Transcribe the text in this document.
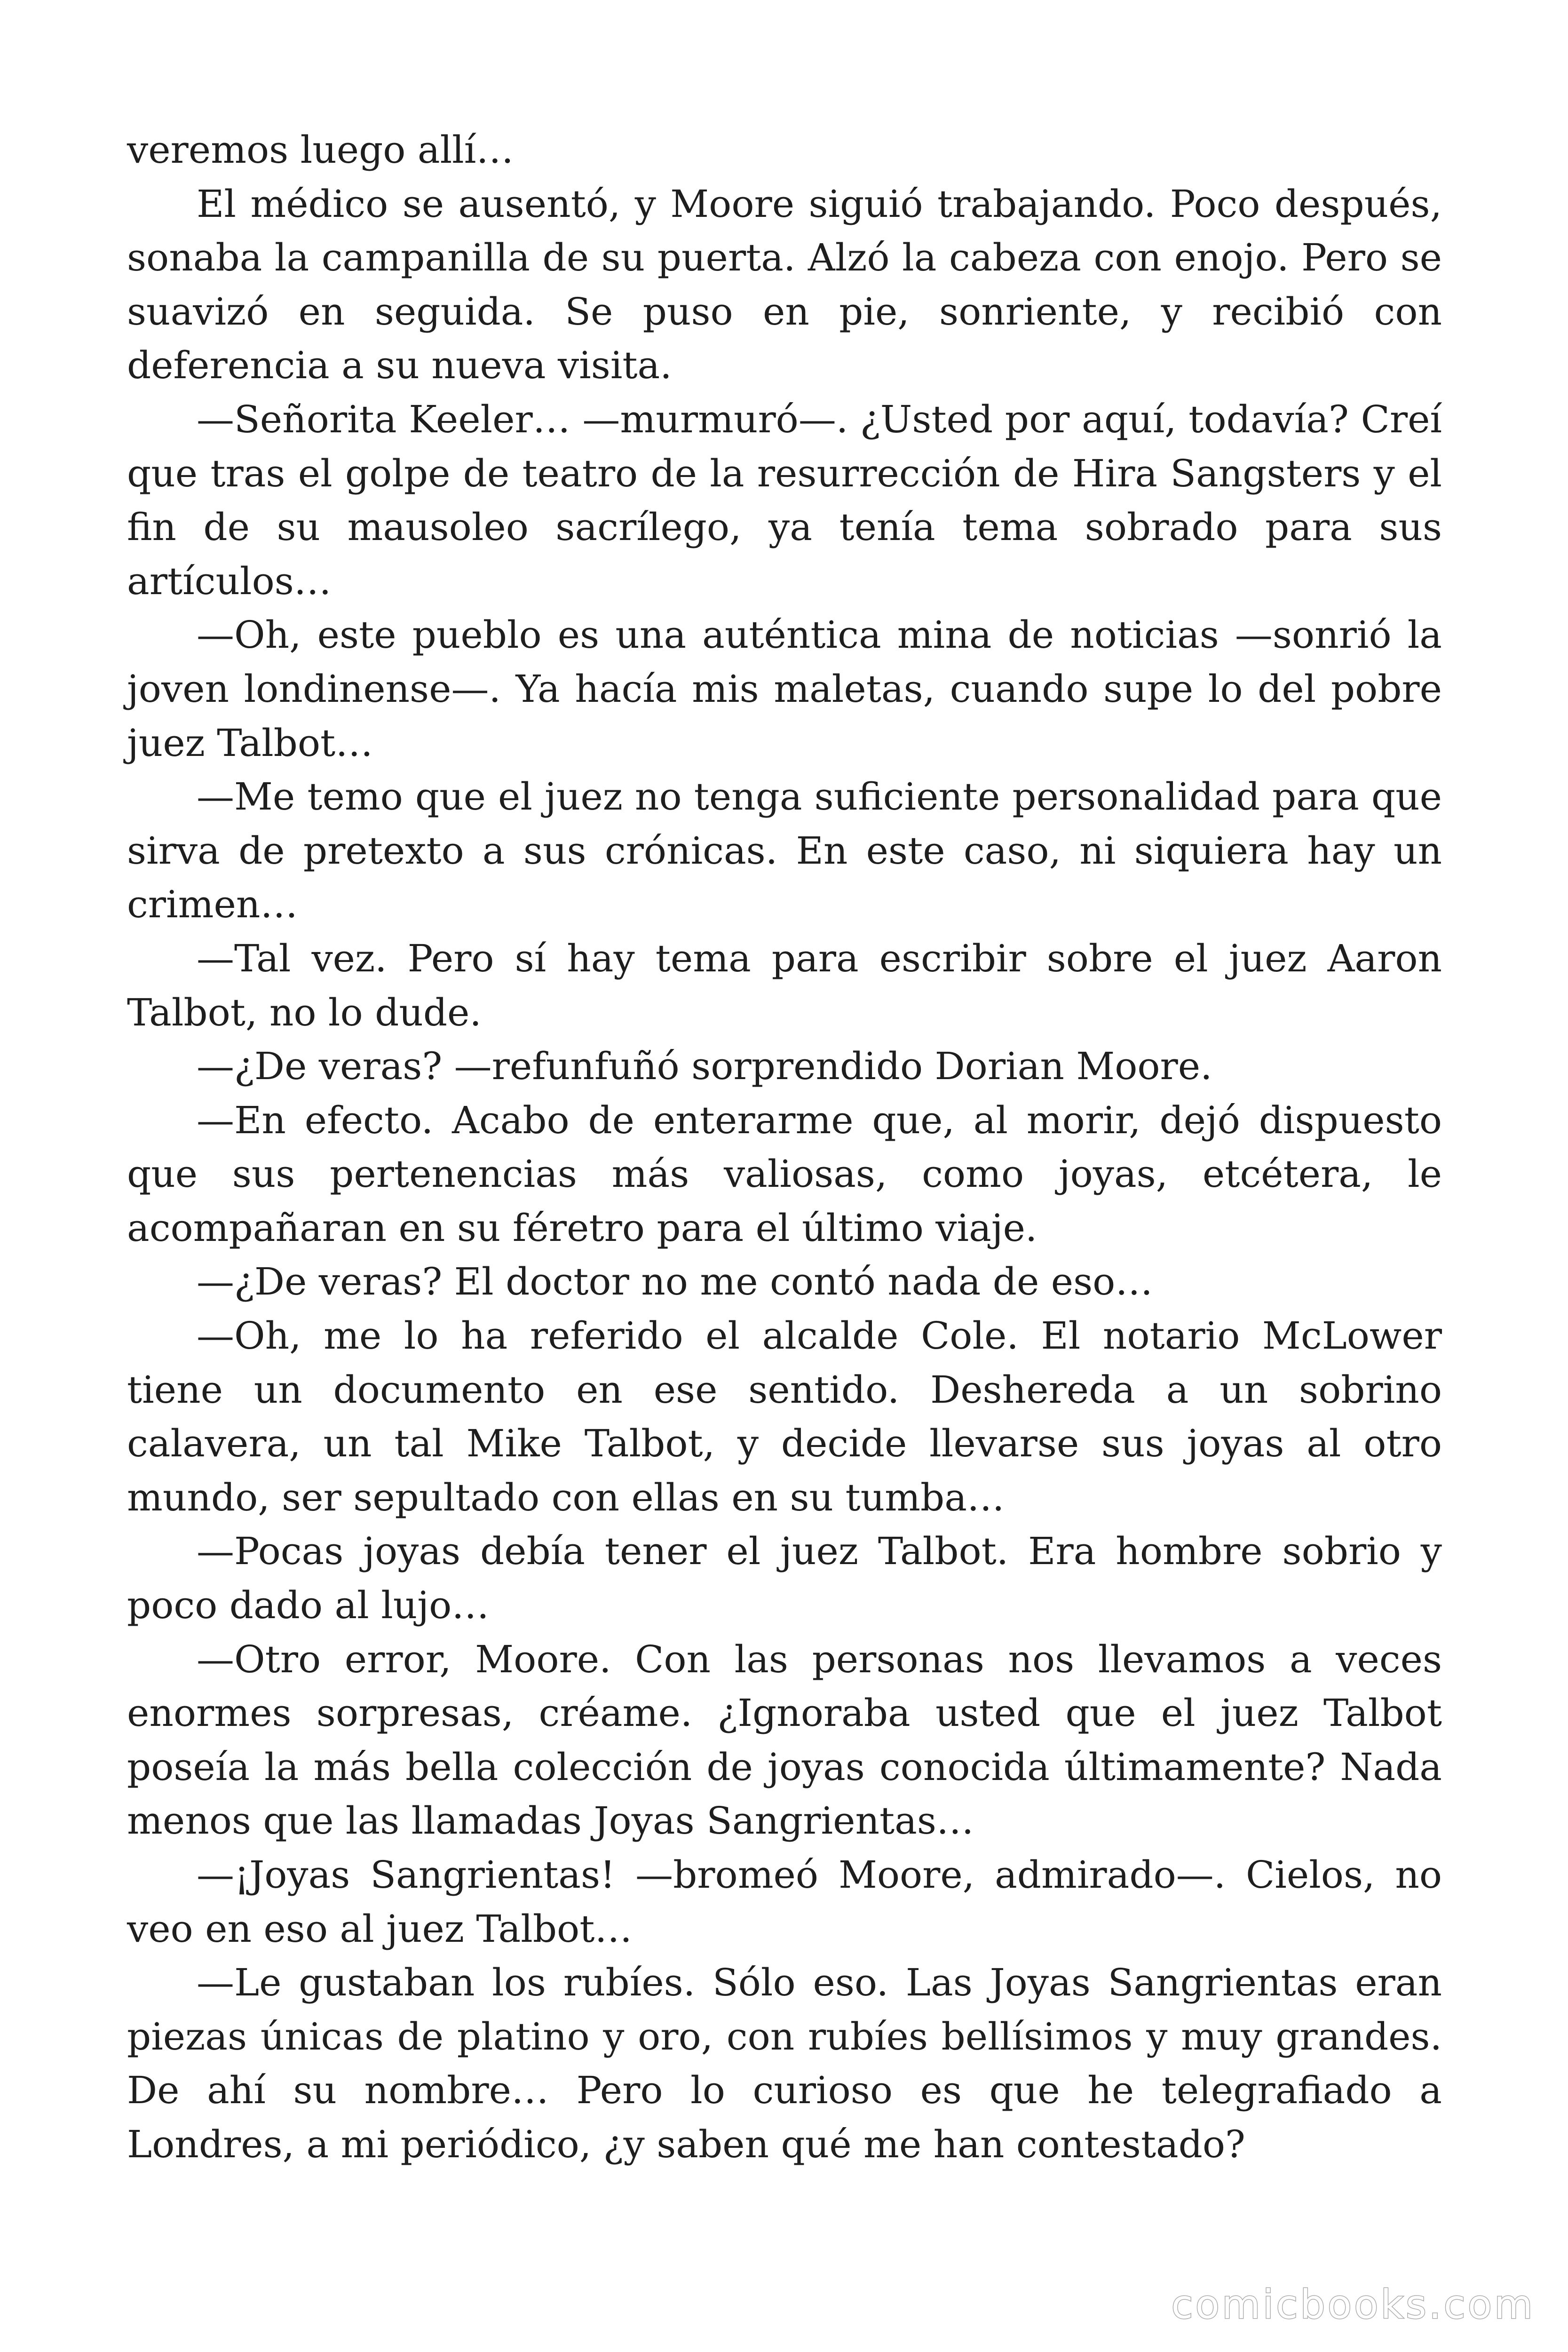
veremos luego allí…

El médico se ausentó, y Moore siguió trabajando. Poco después, sonaba la campanilla de su puerta. Alzó la cabeza con enojo. Pero se suavizó en seguida. Se puso en pie, sonriente, y recibió con deferencia a su nueva visita.

—Señorita Keeler… —murmuró—. ¿Usted por aquí, todavía? Creí que tras el golpe de teatro de la resurrección de Hira Sangsters y el fin de su mausoleo sacrílego, ya tenía tema sobrado para sus artículos…

—Oh, este pueblo es una auténtica mina de noticias —sonrió la joven londinense—. Ya hacía mis maletas, cuando supe lo del pobre juez Talbot…

—Me temo que el juez no tenga suficiente personalidad para que sirva de pretexto a sus crónicas. En este caso, ni siquiera hay un crimen…

—Tal vez. Pero sí hay tema para escribir sobre el juez Aaron Talbot, no lo dude.

—¿De veras? —refunfuñó sorprendido Dorian Moore.

—En efecto. Acabo de enterarme que, al morir, dejó dispuesto que sus pertenencias más valiosas, como joyas, etcétera, le acompañaran en su féretro para el último viaje.

—¿De veras? El doctor no me contó nada de eso…

—Oh, me lo ha referido el alcalde Cole. El notario McLower tiene un documento en ese sentido. Deshereda a un sobrino calavera, un tal Mike Talbot, y decide llevarse sus joyas al otro mundo, ser sepultado con ellas en su tumba…

—Pocas joyas debía tener el juez Talbot. Era hombre sobrio y poco dado al lujo…

—Otro error, Moore. Con las personas nos llevamos a veces enormes sorpresas, créame. ¿Ignoraba usted que el juez Talbot poseía la más bella colección de joyas conocida últimamente? Nada menos que las llamadas Joyas Sangrientas…

—¡Joyas Sangrientas! —bromeó Moore, admirado—. Cielos, no veo en eso al juez Talbot…

—Le gustaban los rubíes. Sólo eso. Las Joyas Sangrientas eran piezas únicas de platino y oro, con rubíes bellísimos y muy grandes. De ahí su nombre… Pero lo curioso es que he telegrafiado a Londres, a mi periódico, ¿y saben qué me han contestado?

comicbooks.com
